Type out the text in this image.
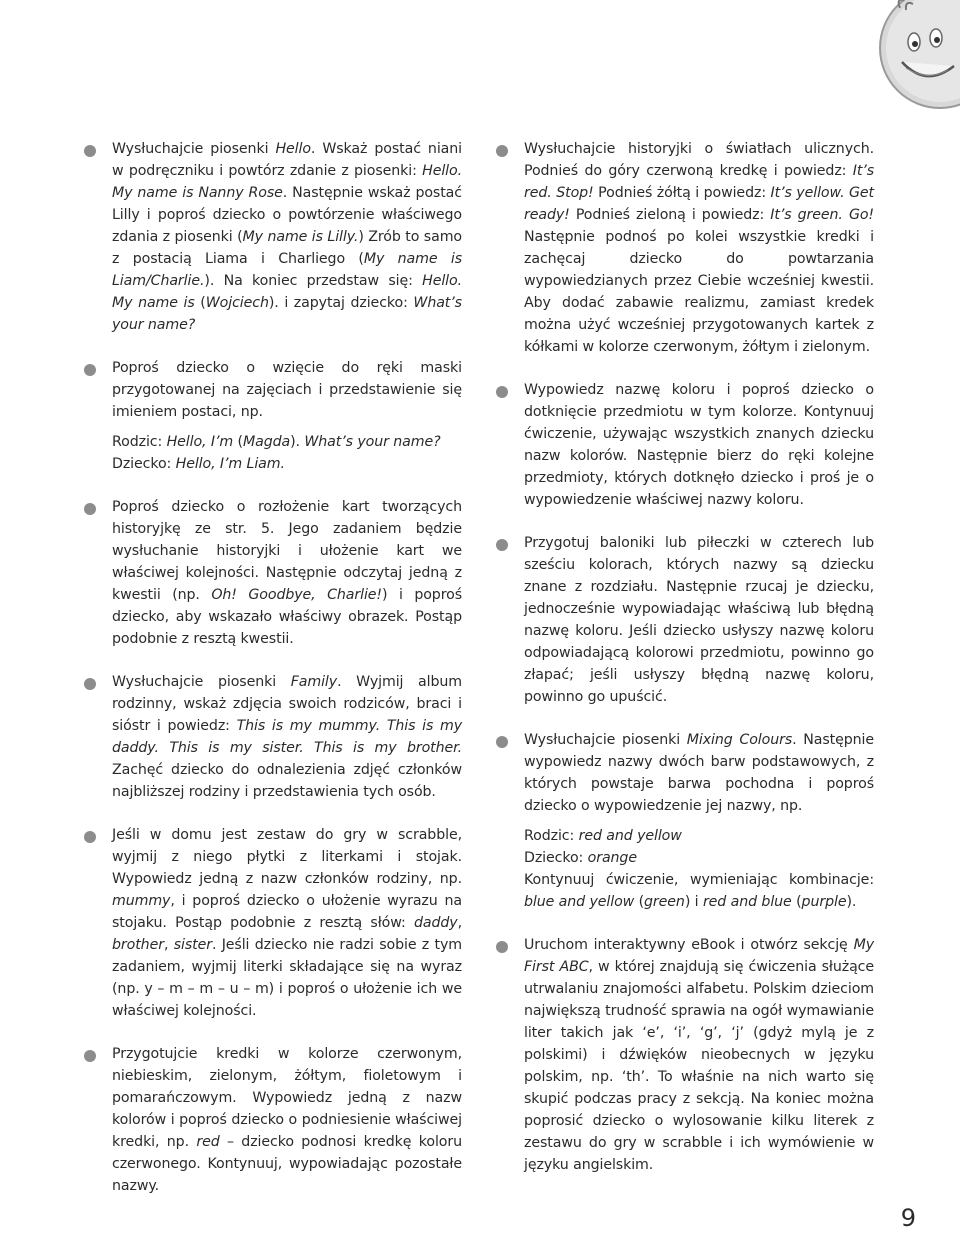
Wysłuchajcie piosenki Hello. Wskaż postać niani w podręczniku i powtórz zdanie z piosenki: Hello. My name is Nanny Rose. Następnie wskaż postać Lilly i poproś dziecko o powtórzenie właściwego zdania z piosenki (My name is Lilly.) Zrób to samo z postacią Liama i Charliego (My name is Liam/Charlie.). Na koniec przedstaw się: Hello. My name is (Wojciech). i zapytaj dziecko: What’s your name?

Poproś dziecko o wzięcie do ręki maski przygotowanej na zajęciach i przedstawienie się imieniem postaci, np.

Rodzic: Hello, I’m (Magda). What’s your name?

Dziecko: Hello, I’m Liam.

Poproś dziecko o rozłożenie kart tworzących historyjkę ze str. 5. Jego zadaniem będzie wysłuchanie historyjki i ułożenie kart we właściwej kolejności. Następnie odczytaj jedną z kwestii (np. Oh! Goodbye, Charlie!) i poproś dziecko, aby wskazało właściwy obrazek. Postąp podobnie z resztą kwestii.

Wysłuchajcie piosenki Family. Wyjmij album rodzinny, wskaż zdjęcia swoich rodziców, braci i sióstr i powiedz: This is my mummy. This is my daddy. This is my sister. This is my brother. Zachęć dziecko do odnalezienia zdjęć członków najbliższej rodziny i przedstawienia tych osób.

Jeśli w domu jest zestaw do gry w scrabble, wyjmij z niego płytki z literkami i stojak. Wypowiedz jedną z nazw członków rodziny, np. mummy, i poproś dziecko o ułożenie wyrazu na stojaku. Postąp podobnie z resztą słów: daddy, brother, sister. Jeśli dziecko nie radzi sobie z tym zadaniem, wyjmij literki składające się na wyraz (np. y – m – m – u – m) i poproś o ułożenie ich we właściwej kolejności.

Przygotujcie kredki w kolorze czerwonym, niebieskim, zielonym, żółtym, fioletowym i pomarańczowym. Wypowiedz jedną z nazw kolorów i poproś dziecko o podniesienie właściwej kredki, np. red – dziecko podnosi kredkę koloru czerwonego. Kontynuuj, wypowiadając pozostałe nazwy.

Wysłuchajcie historyjki o światłach ulicznych. Podnieś do góry czerwoną kredkę i powiedz: It’s red. Stop! Podnieś żółtą i powiedz: It’s yellow. Get ready! Podnieś zieloną i powiedz: It’s green. Go! Następnie podnoś po kolei wszystkie kredki i zachęcaj dziecko do powtarzania wypowiedzianych przez Ciebie wcześniej kwestii. Aby dodać zabawie realizmu, zamiast kredek można użyć wcześniej przygotowanych kartek z kółkami w kolorze czerwonym, żółtym i zielonym.

Wypowiedz nazwę koloru i poproś dziecko o dotknięcie przedmiotu w tym kolorze. Kontynuuj ćwiczenie, używając wszystkich znanych dziecku nazw kolorów. Następnie bierz do ręki kolejne przedmioty, których dotknęło dziecko i proś je o wypowiedzenie właściwej nazwy koloru.

Przygotuj baloniki lub piłeczki w czterech lub sześciu kolorach, których nazwy są dziecku znane z rozdziału. Następnie rzucaj je dziecku, jednocześnie wypowiadając właściwą lub błędną nazwę koloru. Jeśli dziecko usłyszy nazwę koloru odpowiadającą kolorowi przedmiotu, powinno go złapać; jeśli usłyszy błędną nazwę koloru, powinno go upuścić.

Wysłuchajcie piosenki Mixing Colours. Następnie wypowiedz nazwy dwóch barw podstawowych, z których powstaje barwa pochodna i poproś dziecko o wypowiedzenie jej nazwy, np.

Rodzic: red and yellow

Dziecko: orange

Kontynuuj ćwiczenie, wymieniając kombinacje: blue and yellow (green) i red and blue (purple).

Uruchom interaktywny eBook i otwórz sekcję My First ABC, w której znajdują się ćwiczenia służące utrwalaniu znajomości alfabetu. Polskim dzieciom największą trudność sprawia na ogół wymawianie liter takich jak ‘e’, ‘i’, ‘g’, ‘j’ (gdyż mylą je z polskimi) i dźwięków nieobecnych w języku polskim, np. ‘th’. To właśnie na nich warto się skupić podczas pracy z sekcją. Na koniec można poprosić dziecko o wylosowanie kilku literek z zestawu do gry w scrabble i ich wymówienie w języku angielskim.

9
